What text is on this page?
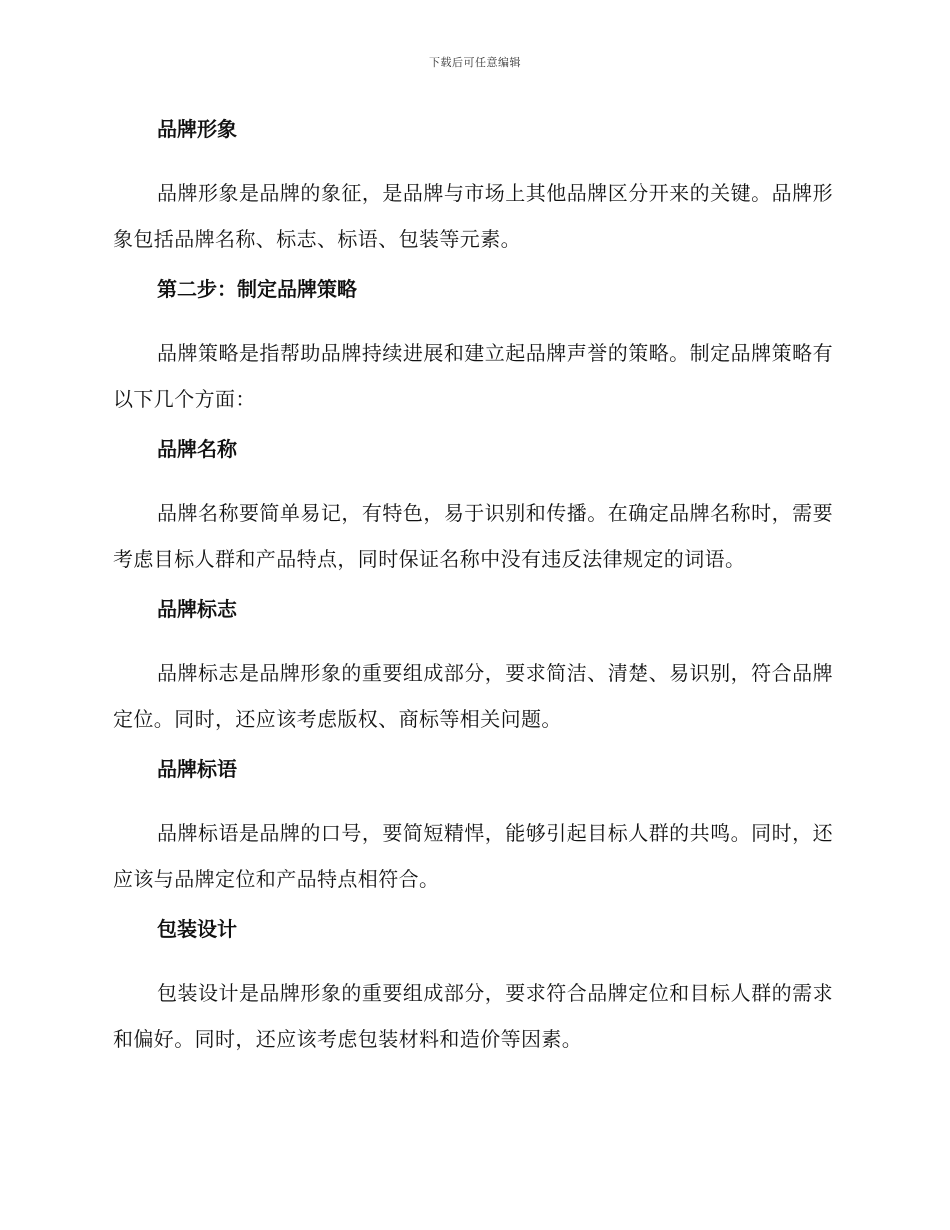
下载后可任意编辑
品牌形象

品牌形象是品牌的象征，是品牌与市场上其他品牌区分开来的关键。品牌形象包括品牌名称、标志、标语、包装等元素。

第二步：制定品牌策略

品牌策略是指帮助品牌持续进展和建立起品牌声誉的策略。制定品牌策略有以下几个方面：

品牌名称

品牌名称要简单易记，有特色，易于识别和传播。在确定品牌名称时，需要考虑目标人群和产品特点，同时保证名称中没有违反法律规定的词语。

品牌标志

品牌标志是品牌形象的重要组成部分，要求简洁、清楚、易识别，符合品牌定位。同时，还应该考虑版权、商标等相关问题。

品牌标语

品牌标语是品牌的口号，要简短精悍，能够引起目标人群的共鸣。同时，还应该与品牌定位和产品特点相符合。

包装设计

包装设计是品牌形象的重要组成部分，要求符合品牌定位和目标人群的需求和偏好。同时，还应该考虑包装材料和造价等因素。
